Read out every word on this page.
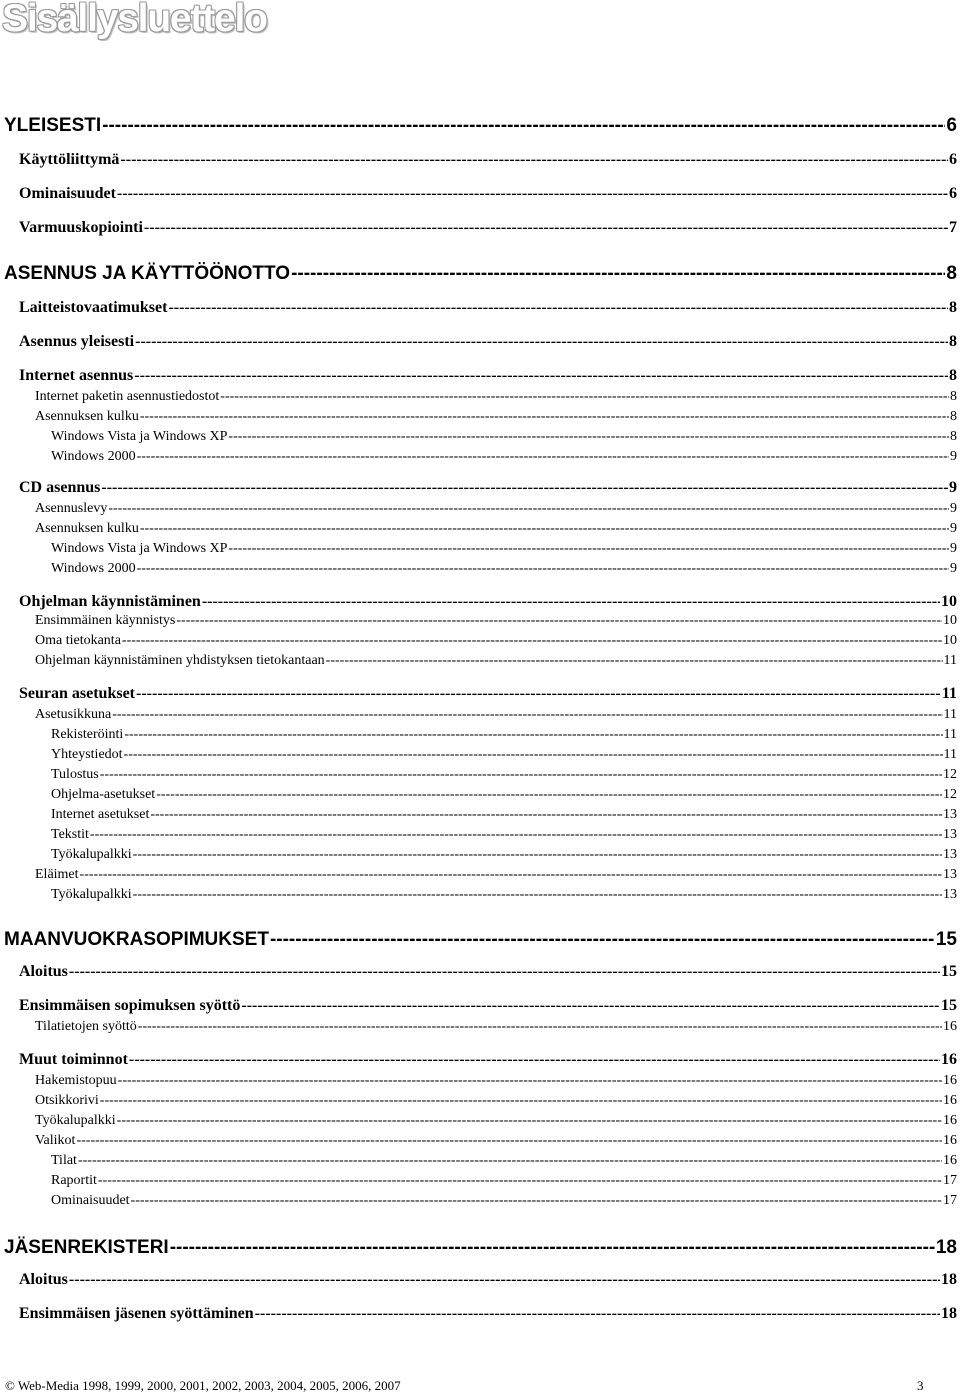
Sisällysluettelo
YLEISESTI -----	6
Käyttöliittymä -----	6
Ominaisuudet -----	6
Varmuuskopiointi -----	7
ASENNUS JA KÄYTTÖÖNOTTO -----	8
Laitteistovaatimukset -----	8
Asennus yleisesti -----	8
Internet asennus -----	8
Internet paketin asennustiedostot -----	8
Asennuksen kulku -----	8
Windows Vista ja Windows XP -----	8
Windows 2000 -----	9
CD asennus -----	9
Asennuslevy -----	9
Asennuksen kulku -----	9
Windows Vista ja Windows XP -----	9
Windows 2000 -----	9
Ohjelman käynnistäminen -----	10
Ensimmäinen käynnistys -----	10
Oma tietokanta -----	10
Ohjelman käynnistäminen yhdistyksen tietokantaan -----	11
Seuran asetukset -----	11
Asetusikkuna -----	11
Rekisteröinti -----	11
Yhteystiedot -----	11
Tulostus -----	12
Ohjelma-asetukset -----	12
Internet asetukset -----	13
Tekstit -----	13
Työkalupalkki -----	13
Eläimet -----	13
Työkalupalkki -----	13
MAANVUOKRASOPIMUKSET -----	15
Aloitus -----	15
Ensimmäisen sopimuksen syöttö -----	15
Tilatietojen syöttö -----	16
Muut toiminnot -----	16
Hakemistopuu -----	16
Otsikkorivi -----	16
Työkalupalkki -----	16
Valikot -----	16
Tilat -----	16
Raportit -----	17
Ominaisuudet -----	17
JÄSENREKISTERI -----	18
Aloitus -----	18
Ensimmäisen jäsenen syöttäminen -----	18
© Web-Media 1998, 1999, 2000, 2001, 2002, 2003, 2004, 2005, 2006, 2007	3
